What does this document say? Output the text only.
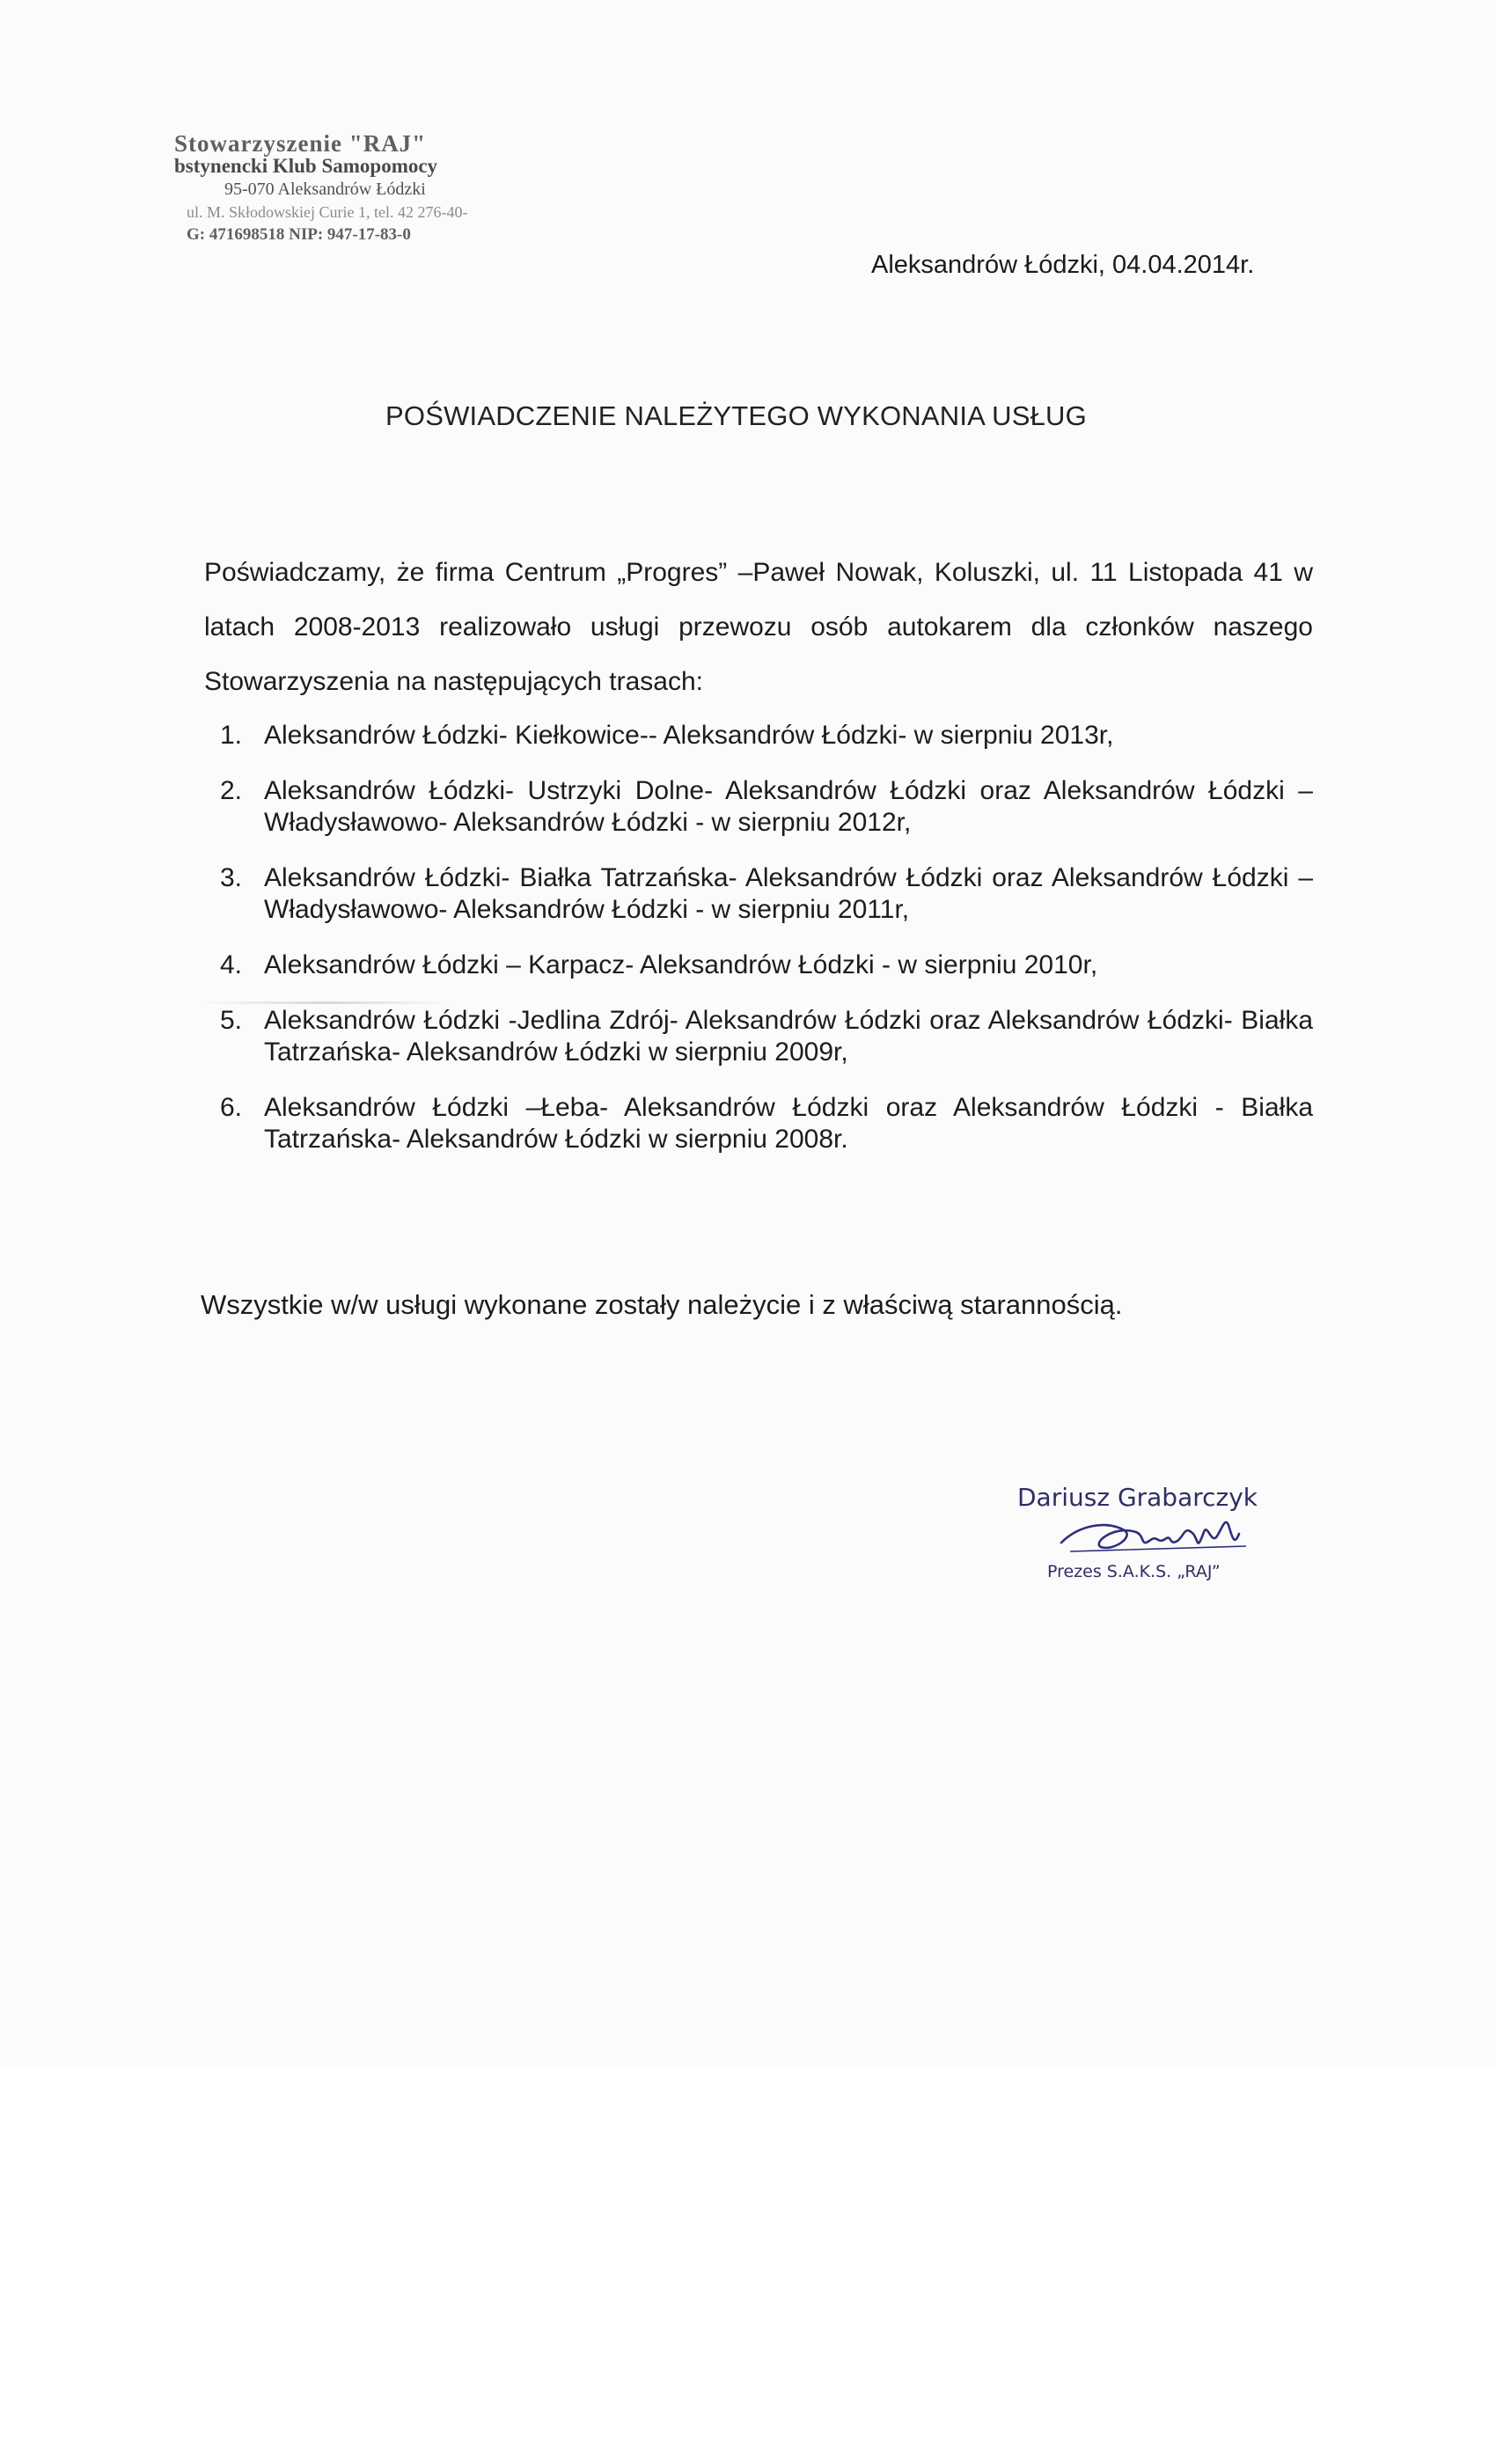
Stowarzyszenie "RAJ"
bstynencki Klub Samopomocy
95-070 Aleksandrów Łódzki
ul. M. Skłodowskiej Curie 1, tel. 42 276-40-
G: 471698518 NIP: 947-17-83-0
Aleksandrów Łódzki, 04.04.2014r.
POŚWIADCZENIE NALEŻYTEGO WYKONANIA USŁUG
Poświadczamy, że firma Centrum „Progres” –Paweł Nowak, Koluszki, ul. 11 Listopada 41 w latach 2008-2013 realizowało usługi przewozu osób autokarem dla członków naszego Stowarzyszenia na następujących trasach:
1. Aleksandrów Łódzki- Kiełkowice-- Aleksandrów Łódzki- w sierpniu 2013r,
2. Aleksandrów Łódzki- Ustrzyki Dolne- Aleksandrów Łódzki oraz Aleksandrów Łódzki –Władysławowo- Aleksandrów Łódzki - w sierpniu 2012r,
3. Aleksandrów Łódzki- Białka Tatrzańska- Aleksandrów Łódzki oraz Aleksandrów Łódzki –Władysławowo- Aleksandrów Łódzki - w sierpniu 2011r,
4. Aleksandrów Łódzki – Karpacz- Aleksandrów Łódzki - w sierpniu 2010r,
5. Aleksandrów Łódzki -Jedlina Zdrój- Aleksandrów Łódzki oraz Aleksandrów Łódzki- Białka Tatrzańska- Aleksandrów Łódzki w sierpniu 2009r,
6. Aleksandrów Łódzki –Łeba- Aleksandrów Łódzki oraz Aleksandrów Łódzki - Białka Tatrzańska- Aleksandrów Łódzki w sierpniu 2008r.
Wszystkie w/w usługi wykonane zostały należycie i z właściwą starannością.
Dariusz Grabarczyk
Prezes S.A.K.S. „RAJ”
